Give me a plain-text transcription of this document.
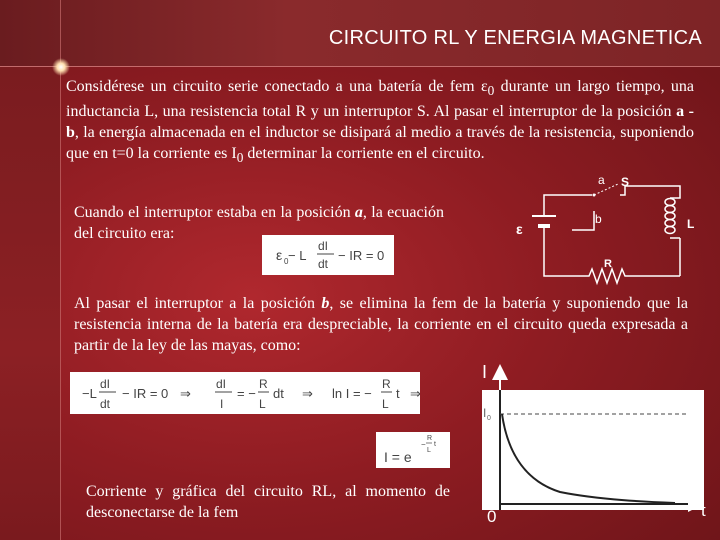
CIRCUITO RL Y ENERGIA MAGNETICA

Considérese un circuito serie conectado a una batería de fem $\varepsilon_0$ durante un largo tiempo, una inductancia L, una resistencia total R y un interruptor S. Al pasar el interruptor de la posición a - b, la energía almacenada en el inductor se disipará al medio a través de la resistencia, suponiendo que en t=0 la corriente es $I_0$ determinar la corriente en el circuito.

Cuando el interruptor estaba en la posición a, la ecuación del circuito era:

ε 0 − L
dI
dt
− IR = 0
ε
a S
b	L
R

Al pasar el interruptor a la posición b, se elimina la fem de la batería y suponiendo que la resistencia interna de la batería era despreciable, la corriente en el circuito queda expresada a partir de la ley de las mayas, como:

−L
dI
dt
− IR = 0 ⇒
dI
I
= −
R
L
dt ⇒ ln I = −
R
L
t ⇒
I = e
−
R
L
t
I
I 0
0	t

Corriente y gráfica del circuito RL, al momento de desconectarse de la fem
